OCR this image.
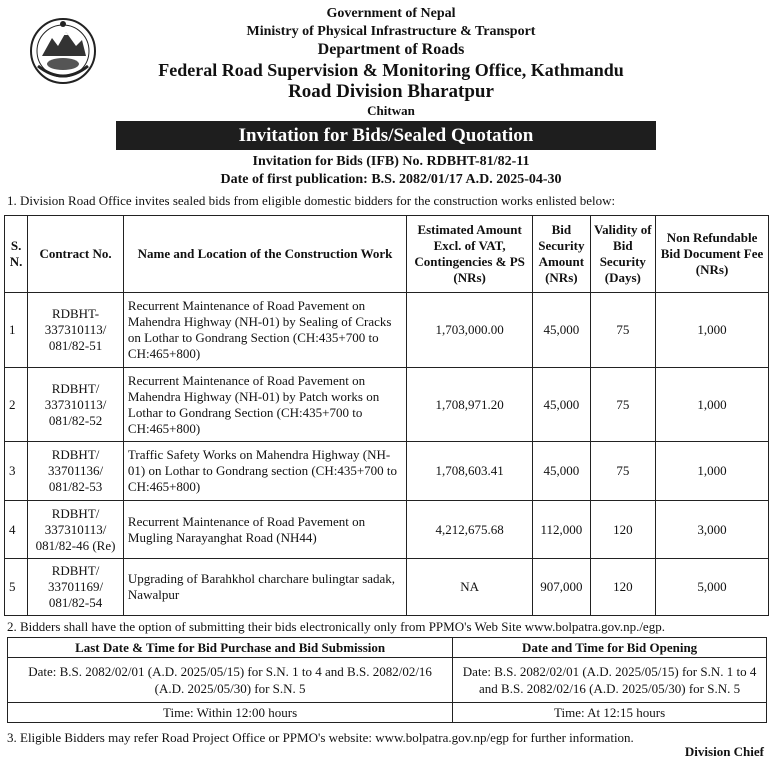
Government of Nepal
Ministry of Physical Infrastructure & Transport
Department of Roads
Federal Road Supervision & Monitoring Office, Kathmandu
Road Division Bharatpur
Chitwan
Invitation for Bids/Sealed Quotation
Invitation for Bids (IFB) No. RDBHT-81/82-11
Date of first publication: B.S. 2082/01/17 A.D. 2025-04-30
1. Division Road Office invites sealed bids from eligible domestic bidders for the construction works enlisted below:
S. N.	Contract No.	Name and Location of the Construction Work	Estimated Amount Excl. of VAT, Contingencies & PS (NRs)	Bid Security Amount (NRs)	Validity of Bid Security (Days)	Non Refundable Bid Document Fee (NRs)
1	RDBHT-337310113/ 081/82-51	Recurrent Maintenance of Road Pavement on Mahendra Highway (NH-01) by Sealing of Cracks on Lothar to Gondrang Section (CH:435+700 to CH:465+800)	1,703,000.00	45,000	75	1,000
2	RDBHT/ 337310113/ 081/82-52	Recurrent Maintenance of Road Pavement on Mahendra Highway (NH-01) by Patch works on Lothar to Gondrang Section (CH:435+700 to CH:465+800)	1,708,971.20	45,000	75	1,000
3	RDBHT/ 33701136/ 081/82-53	Traffic Safety Works on Mahendra Highway (NH-01) on Lothar to Gondrang section (CH:435+700 to CH:465+800)	1,708,603.41	45,000	75	1,000
4	RDBHT/ 337310113/ 081/82-46 (Re)	Recurrent Maintenance of Road Pavement on Mugling Narayanghat Road (NH44)	4,212,675.68	112,000	120	3,000
5	RDBHT/ 33701169/ 081/82-54	Upgrading of Barahkhol charchare bulingtar sadak, Nawalpur	NA	907,000	120	5,000
2. Bidders shall have the option of submitting their bids electronically only from PPMO's Web Site www.bolpatra.gov.np./egp.
Last Date & Time for Bid Purchase and Bid Submission	Date and Time for Bid Opening
Date: B.S. 2082/02/01 (A.D. 2025/05/15) for S.N. 1 to 4 and B.S. 2082/02/16 (A.D. 2025/05/30) for S.N. 5	Date: B.S. 2082/02/01 (A.D. 2025/05/15) for S.N. 1 to 4 and B.S. 2082/02/16 (A.D. 2025/05/30) for S.N. 5
Time: Within 12:00 hours	Time: At 12:15 hours
3. Eligible Bidders may refer Road Project Office or PPMO's website: www.bolpatra.gov.np/egp for further information.
Division Chief
